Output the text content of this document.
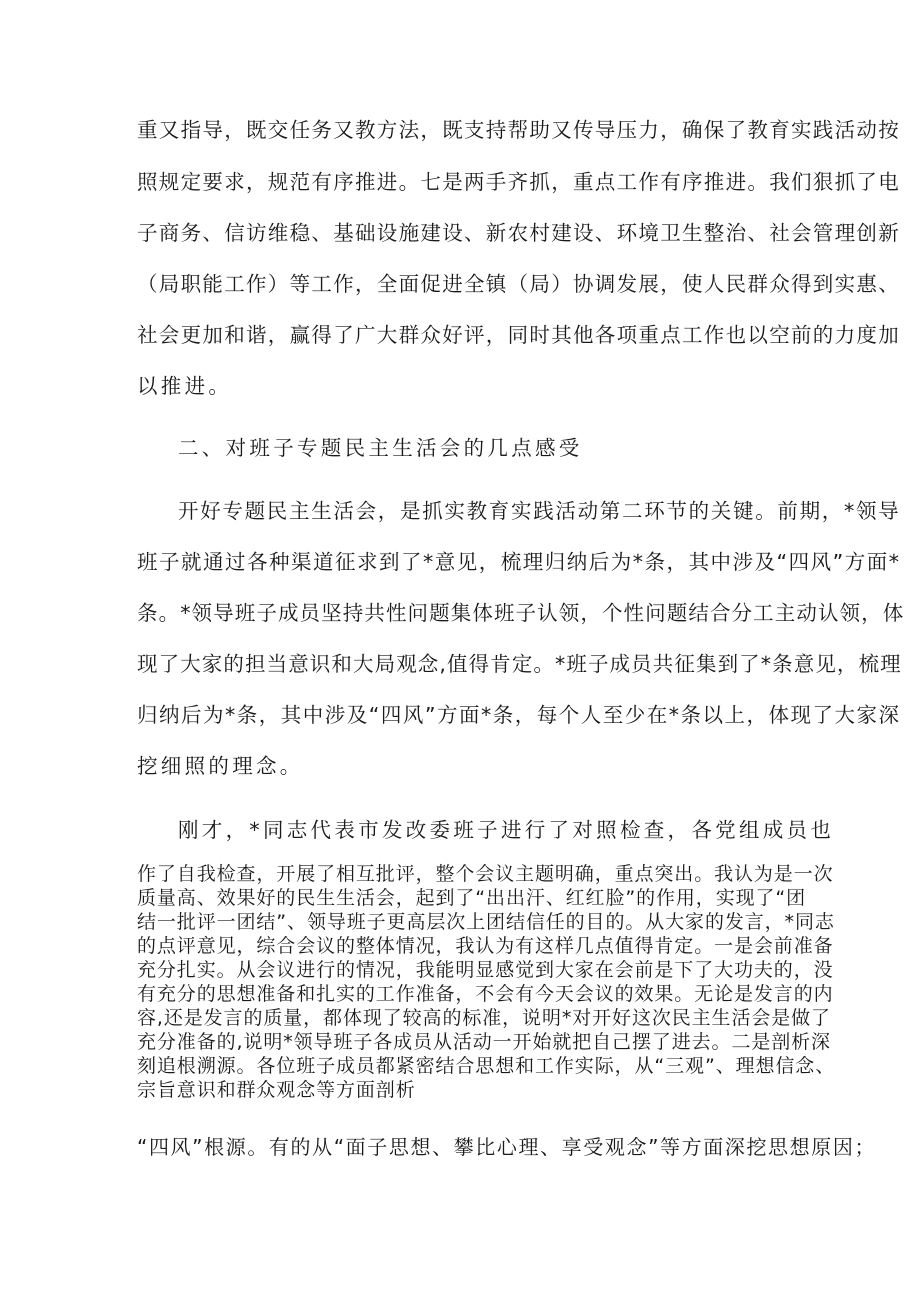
重又指导，既交任务又教方法，既支持帮助又传导压力，确保了教育实践活动按
照规定要求，规范有序推进。七是两手齐抓，重点工作有序推进。我们狠抓了电
子商务、信访维稳、基础设施建设、新农村建设、环境卫生整治、社会管理创新
（局职能工作）等工作，全面促进全镇（局）协调发展，使人民群众得到实惠、
社会更加和谐，赢得了广大群众好评，同时其他各项重点工作也以空前的力度加
以推进。
二、对班子专题民主生活会的几点感受
开好专题民主生活会，是抓实教育实践活动第二环节的关键。前期，*领导
班子就通过各种渠道征求到了*意见，梳理归纳后为*条，其中涉及“四风”方面*
条。*领导班子成员坚持共性问题集体班子认领，个性问题结合分工主动认领，体
现了大家的担当意识和大局观念,值得肯定。*班子成员共征集到了*条意见，梳理
归纳后为*条，其中涉及“四风”方面*条，每个人至少在*条以上，体现了大家深
挖细照的理念。
刚才，*同志代表市发改委班子进行了对照检查，各党组成员也
作了自我检查，开展了相互批评，整个会议主题明确，重点突出。我认为是一次
质量高、效果好的民生生活会，起到了“出出汗、红红脸”的作用，实现了“团
结一批评一团结”、领导班子更高层次上团结信任的目的。从大家的发言，*同志
的点评意见，综合会议的整体情况，我认为有这样几点值得肯定。一是会前准备
充分扎实。从会议进行的情况，我能明显感觉到大家在会前是下了大功夫的，没
有充分的思想准备和扎实的工作准备，不会有今天会议的效果。无论是发言的内
容,还是发言的质量，都体现了较高的标准，说明*对开好这次民主生活会是做了
充分准备的,说明*领导班子各成员从活动一开始就把自己摆了进去。二是剖析深
刻追根溯源。各位班子成员都紧密结合思想和工作实际，从“三观”、理想信念、
宗旨意识和群众观念等方面剖析
“四风”根源。有的从“面子思想、攀比心理、享受观念”等方面深挖思想原因；
